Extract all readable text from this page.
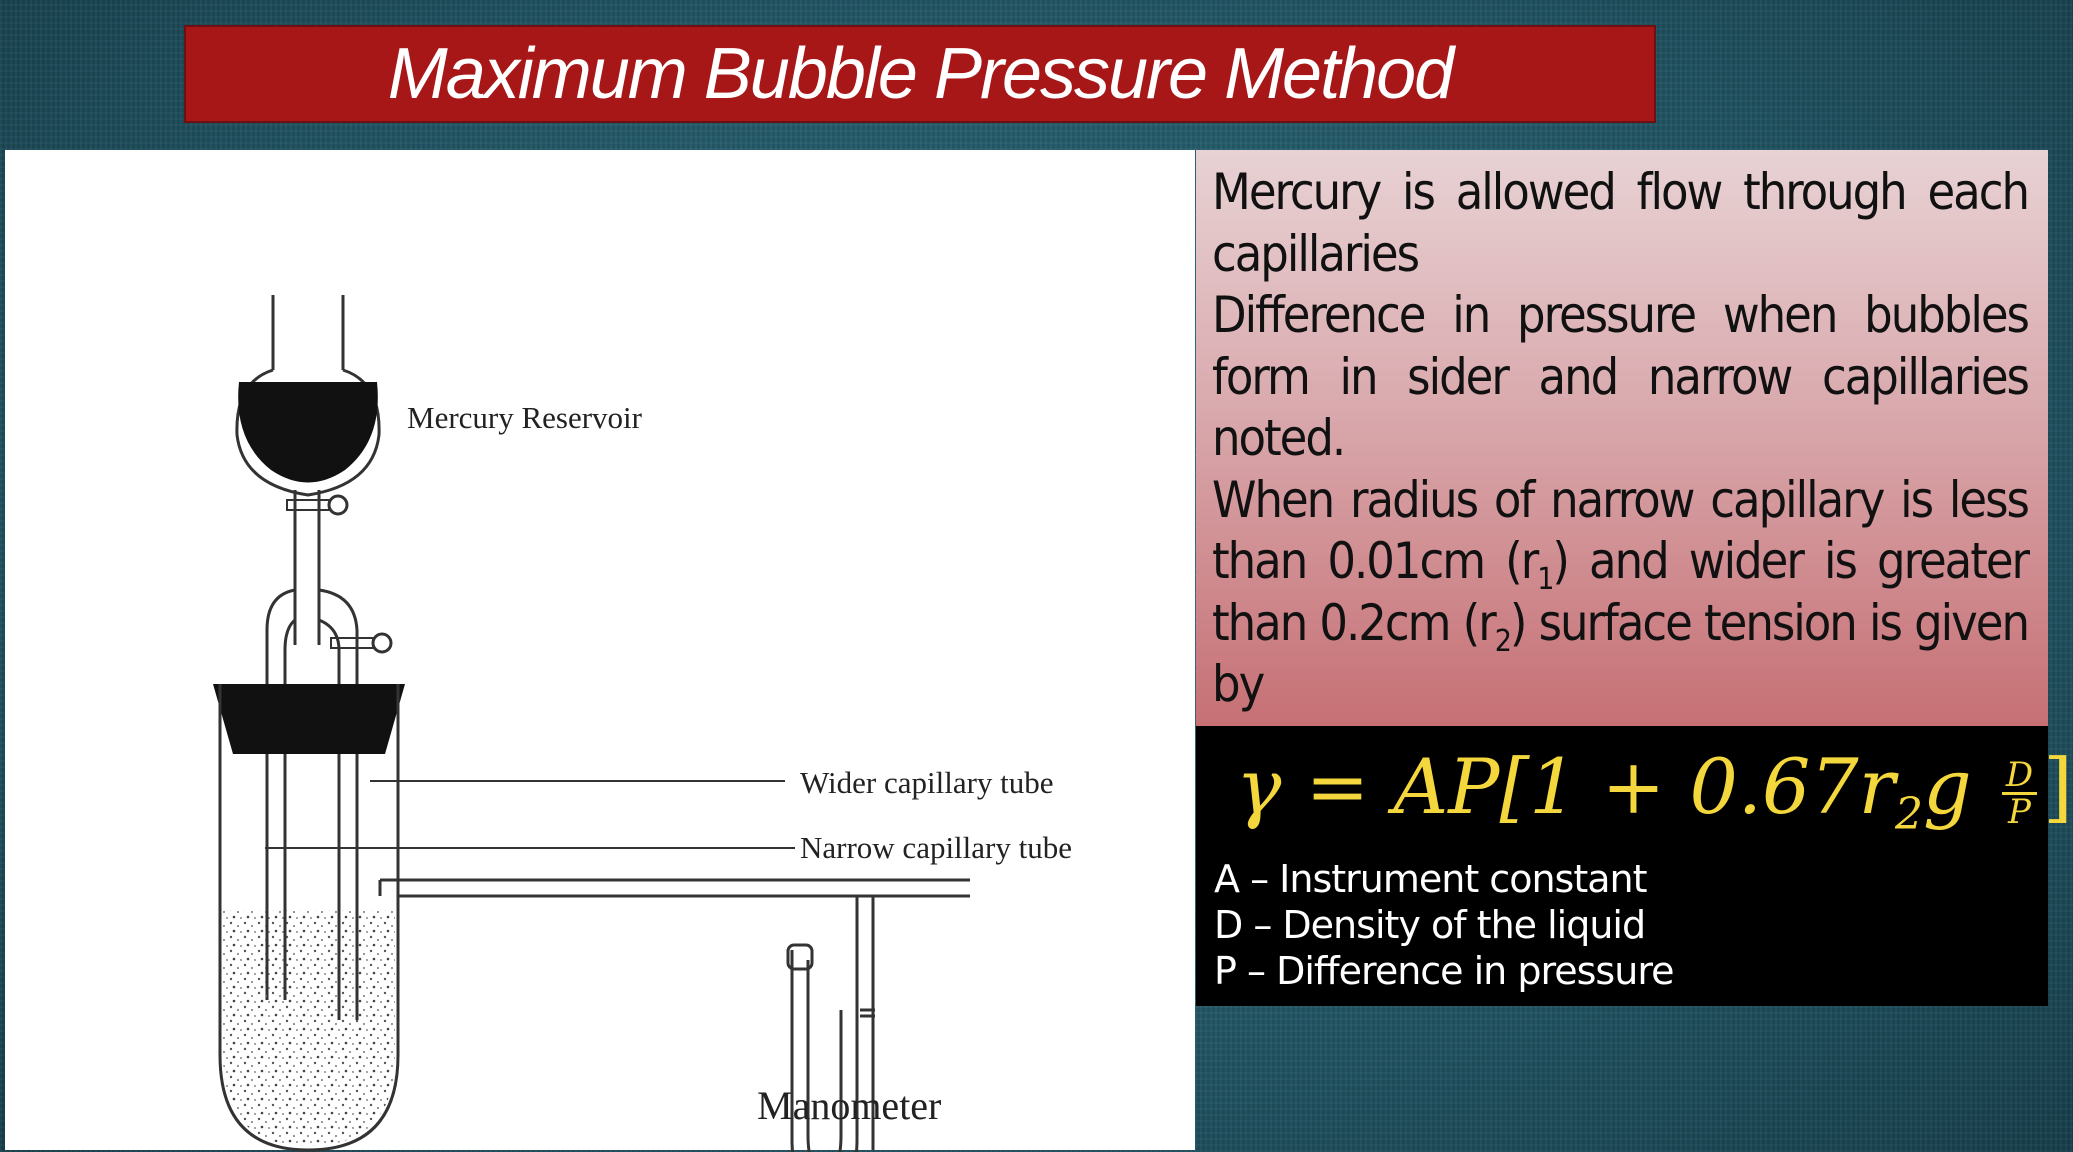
Maximum Bubble Pressure Method
Mercury Reservoir
Wider capillary tube
Narrow capillary tube
Manometer

Mercury is allowed flow through each capillaries
Difference in pressure when bubbles form in sider and narrow capillaries noted.
When radius of narrow capillary is less than 0.01cm $(r_1)$ and wider is greater than 0.2cm $(r_2)$ surface tension is given by

$\gamma = AP[1 + 0.67r_2g \frac{D}{P}$ ]
A – Instrument constant
D – Density of the liquid
P – Difference in pressure
